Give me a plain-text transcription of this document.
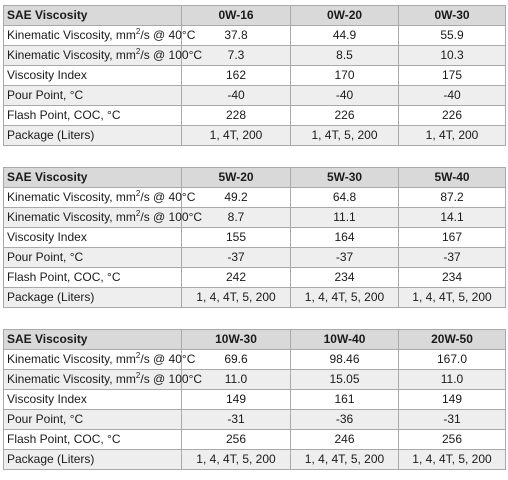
SAE Viscosity	0W-16	0W-20	0W-30
Kinematic Viscosity, $mm^2/s$ @ 40°C	37.8	44.9	55.9
Kinematic Viscosity, $mm^2/s$ @ 100°C	7.3	8.5	10.3
Viscosity Index	162	170	175
Pour Point, °C	-40	-40	-40
Flash Point, COC, °C	228	226	226
Package (Liters)	1, 4T, 200	1, 4T, 5, 200	1, 4T, 200
SAE Viscosity	5W-20	5W-30	5W-40
Kinematic Viscosity, $mm^2/s$ @ 40°C	49.2	64.8	87.2
Kinematic Viscosity, $mm^2/s$ @ 100°C	8.7	11.1	14.1
Viscosity Index	155	164	167
Pour Point, °C	-37	-37	-37
Flash Point, COC, °C	242	234	234
Package (Liters)	1, 4, 4T, 5, 200	1, 4, 4T, 5, 200	1, 4, 4T, 5, 200
SAE Viscosity	10W-30	10W-40	20W-50
Kinematic Viscosity, $mm^2/s$ @ 40°C	69.6	98.46	167.0
Kinematic Viscosity, $mm^2/s$ @ 100°C	11.0	15.05	11.0
Viscosity Index	149	161	149
Pour Point, °C	-31	-36	-31
Flash Point, COC, °C	256	246	256
Package (Liters)	1, 4, 4T, 5, 200	1, 4, 4T, 5, 200	1, 4, 4T, 5, 200
